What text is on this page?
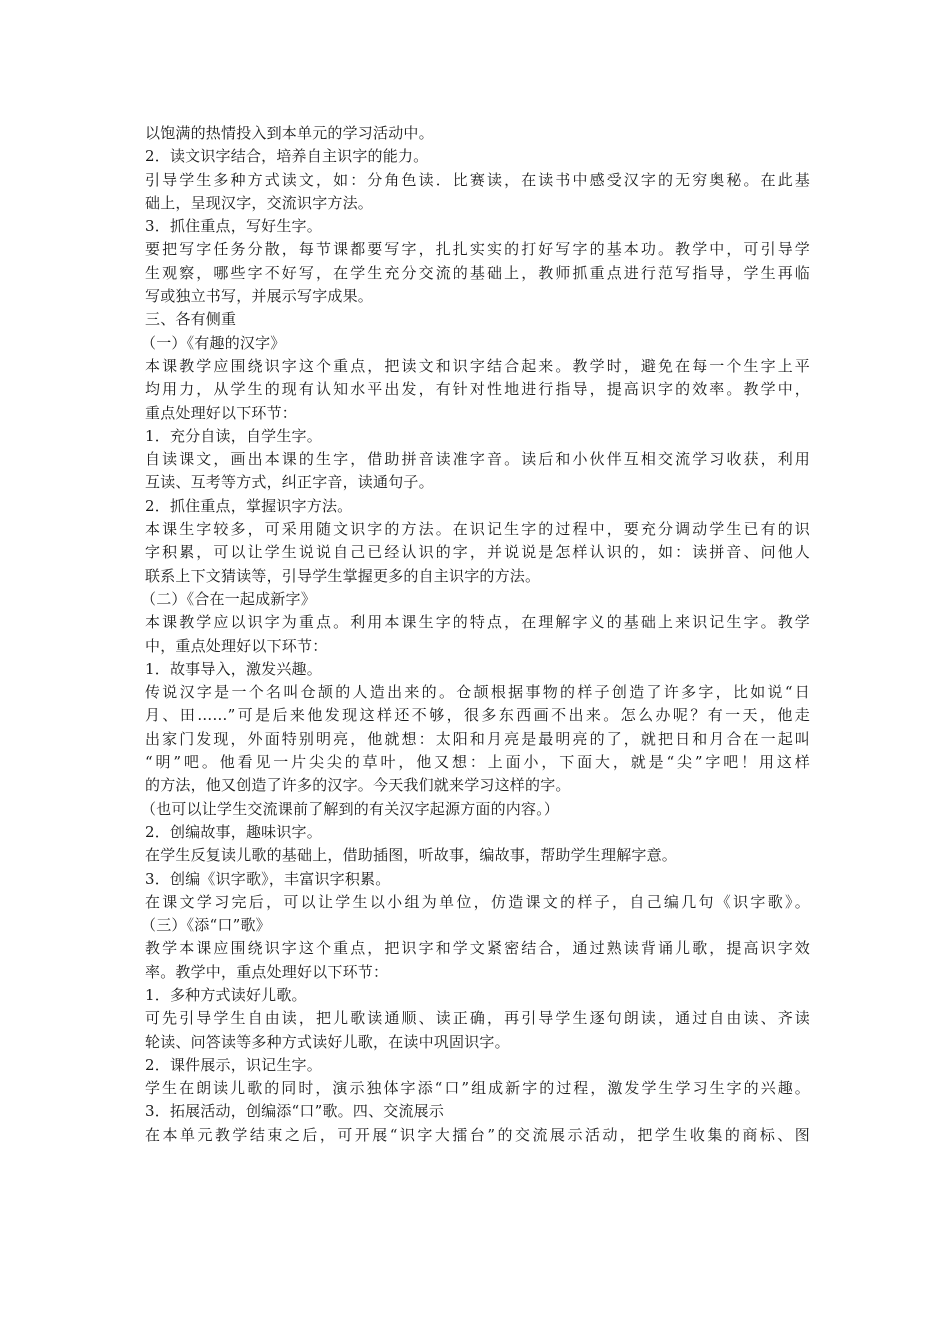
以饱满的热情投入到本单元的学习活动中。
2．读文识字结合，培养自主识字的能力。
引导学生多种方式读文，如：分角色读．比赛读，在读书中感受汉字的无穷奥秘。在此基
础上，呈现汉字，交流识字方法。
3．抓住重点，写好生字。
要把写字任务分散，每节课都要写字，扎扎实实的打好写字的基本功。教学中，可引导学
生观察，哪些字不好写，在学生充分交流的基础上，教师抓重点进行范写指导，学生再临
写或独立书写，并展示写字成果。
三、各有侧重
（一）《有趣的汉字》
本课教学应围绕识字这个重点，把读文和识字结合起来。教学时，避免在每一个生字上平
均用力，从学生的现有认知水平出发，有针对性地进行指导，提高识字的效率。教学中，
重点处理好以下环节：
1．充分自读，自学生字。
自读课文，画出本课的生字，借助拼音读准字音。读后和小伙伴互相交流学习收获，利用
互读、互考等方式，纠正字音，读通句子。
2．抓住重点，掌握识字方法。
本课生字较多，可采用随文识字的方法。在识记生字的过程中，要充分调动学生已有的识
字积累，可以让学生说说自己已经认识的字，并说说是怎样认识的，如：读拼音、问他人
联系上下文猜读等，引导学生掌握更多的自主识字的方法。
（二）《合在一起成新字》
本课教学应以识字为重点。利用本课生字的特点，在理解字义的基础上来识记生字。教学
中，重点处理好以下环节：
1．故事导入，激发兴趣。
传说汉字是一个名叫仓颉的人造出来的。仓颉根据事物的样子创造了许多字，比如说“日
月、田……”可是后来他发现这样还不够，很多东西画不出来。怎么办呢？有一天，他走
出家门发现，外面特别明亮，他就想：太阳和月亮是最明亮的了，就把日和月合在一起叫
“明”吧。他看见一片尖尖的草叶，他又想：上面小，下面大，就是“尖”字吧！用这样
的方法，他又创造了许多的汉字。今天我们就来学习这样的字。
（也可以让学生交流课前了解到的有关汉字起源方面的内容。）
2．创编故事，趣味识字。
在学生反复读儿歌的基础上，借助插图，听故事，编故事，帮助学生理解字意。
3．创编《识字歌》，丰富识字积累。
在课文学习完后，可以让学生以小组为单位，仿造课文的样子，自己编几句《识字歌》。
（三）《添“口”歌》
教学本课应围绕识字这个重点，把识字和学文紧密结合，通过熟读背诵儿歌，提高识字效
率。教学中，重点处理好以下环节：
1．多种方式读好儿歌。
可先引导学生自由读，把儿歌读通顺、读正确，再引导学生逐句朗读，通过自由读、齐读
轮读、问答读等多种方式读好儿歌，在读中巩固识字。
2．课件展示，识记生字。
学生在朗读儿歌的同时，演示独体字添“口”组成新字的过程，激发学生学习生字的兴趣。
3．拓展活动，创编添“口”歌。四、交流展示
在本单元教学结束之后，可开展“识字大擂台”的交流展示活动，把学生收集的商标、图
